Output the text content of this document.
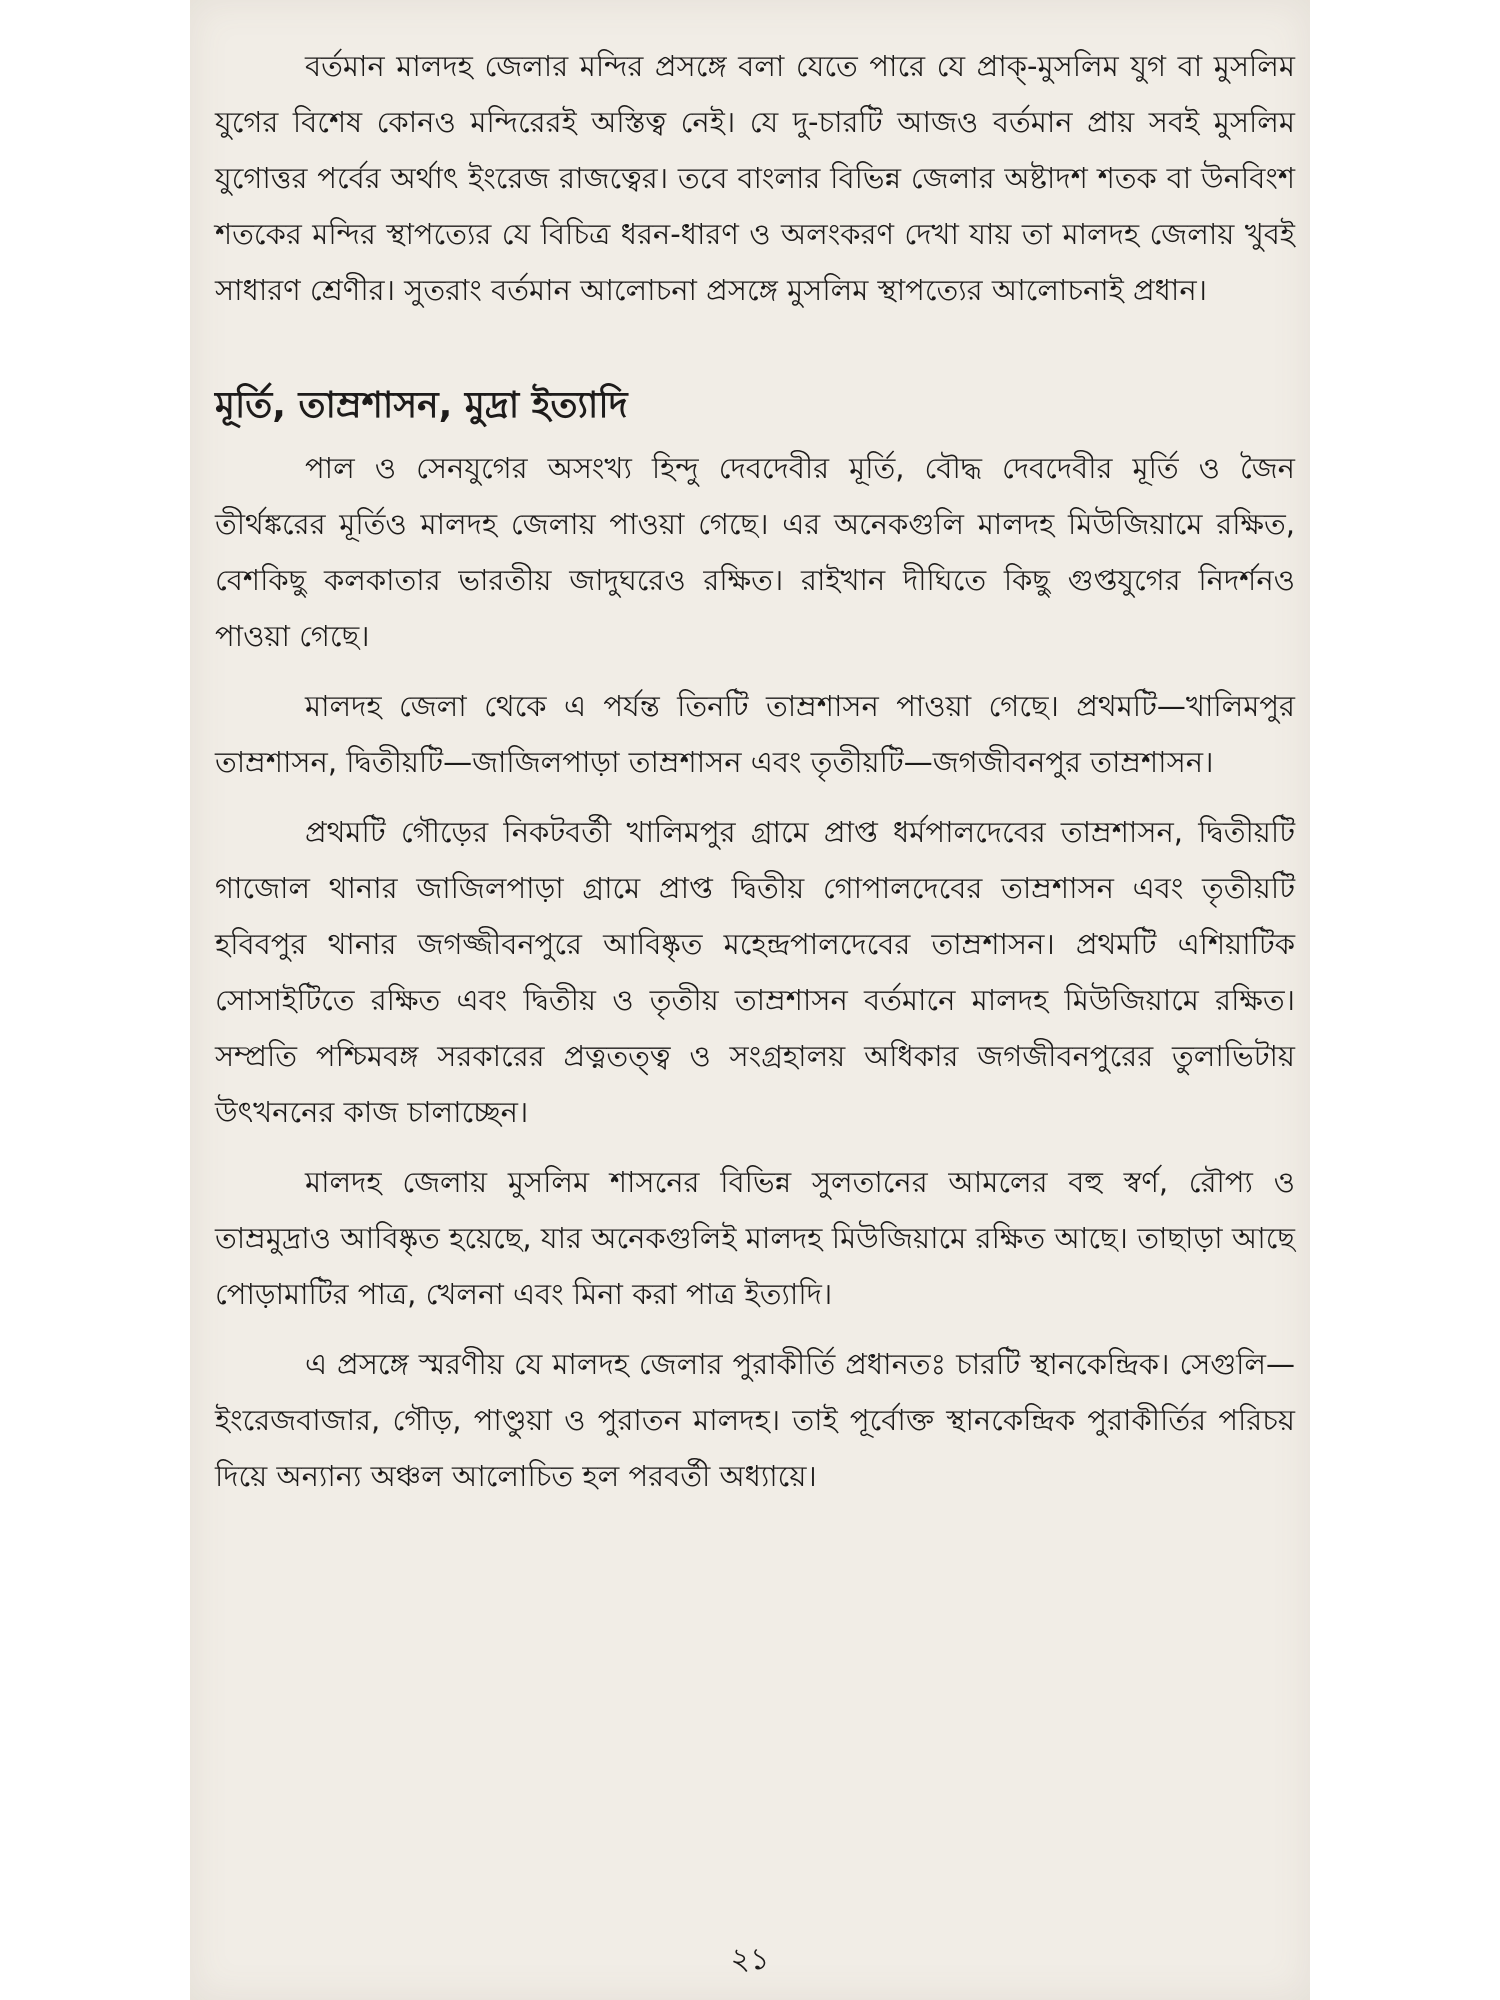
বর্তমান মালদহ জেলার মন্দির প্রসঙ্গে বলা যেতে পারে যে প্রাক্-মুসলিম যুগ বা মুসলিম যুগের বিশেষ কোনও মন্দিরেরই অস্তিত্ব নেই। যে দু-চারটি আজও বর্তমান প্রায় সবই মুসলিম যুগোত্তর পর্বের অর্থাৎ ইংরেজ রাজত্বের। তবে বাংলার বিভিন্ন জেলার অষ্টাদশ শতক বা উনবিংশ শতকের মন্দির স্থাপত্যের যে বিচিত্র ধরন-ধারণ ও অলংকরণ দেখা যায় তা মালদহ জেলায় খুবই সাধারণ শ্রেণীর। সুতরাং বর্তমান আলোচনা প্রসঙ্গে মুসলিম স্থাপত্যের আলোচনাই প্রধান।

মূর্তি, তাম্রশাসন, মুদ্রা ইত্যাদি

পাল ও সেনযুগের অসংখ্য হিন্দু দেবদেবীর মূর্তি, বৌদ্ধ দেবদেবীর মূর্তি ও জৈন তীর্থঙ্করের মূর্তিও মালদহ জেলায় পাওয়া গেছে। এর অনেকগুলি মালদহ মিউজিয়ামে রক্ষিত, বেশকিছু কলকাতার ভারতীয় জাদুঘরেও রক্ষিত। রাইখান দীঘিতে কিছু গুপ্তযুগের নিদর্শনও পাওয়া গেছে।

মালদহ জেলা থেকে এ পর্যন্ত তিনটি তাম্রশাসন পাওয়া গেছে। প্রথমটি—খালিমপুর তাম্রশাসন, দ্বিতীয়টি—জাজিলপাড়া তাম্রশাসন এবং তৃতীয়টি—জগজীবনপুর তাম্রশাসন।

প্রথমটি গৌড়ের নিকটবর্তী খালিমপুর গ্রামে প্রাপ্ত ধর্মপালদেবের তাম্রশাসন, দ্বিতীয়টি গাজোল থানার জাজিলপাড়া গ্রামে প্রাপ্ত দ্বিতীয় গোপালদেবের তাম্রশাসন এবং তৃতীয়টি হবিবপুর থানার জগজ্জীবনপুরে আবিষ্কৃত মহেন্দ্রপালদেবের তাম্রশাসন। প্রথমটি এশিয়াটিক সোসাইটিতে রক্ষিত এবং দ্বিতীয় ও তৃতীয় তাম্রশাসন বর্তমানে মালদহ মিউজিয়ামে রক্ষিত। সম্প্রতি পশ্চিমবঙ্গ সরকারের প্রত্নতত্ত্ব ও সংগ্রহালয় অধিকার জগজীবনপুরের তুলাভিটায় উৎখননের কাজ চালাচ্ছেন।

মালদহ জেলায় মুসলিম শাসনের বিভিন্ন সুলতানের আমলের বহু স্বর্ণ, রৌপ্য ও তাম্রমুদ্রাও আবিষ্কৃত হয়েছে, যার অনেকগুলিই মালদহ মিউজিয়ামে রক্ষিত আছে। তাছাড়া আছে পোড়ামাটির পাত্র, খেলনা এবং মিনা করা পাত্র ইত্যাদি।

এ প্রসঙ্গে স্মরণীয় যে মালদহ জেলার পুরাকীর্তি প্রধানতঃ চারটি স্থানকেন্দ্রিক। সেগুলি—ইংরেজবাজার, গৌড়, পাণ্ডুয়া ও পুরাতন মালদহ। তাই পূর্বোক্ত স্থানকেন্দ্রিক পুরাকীর্তির পরিচয় দিয়ে অন্যান্য অঞ্চল আলোচিত হল পরবর্তী অধ্যায়ে।

২১
